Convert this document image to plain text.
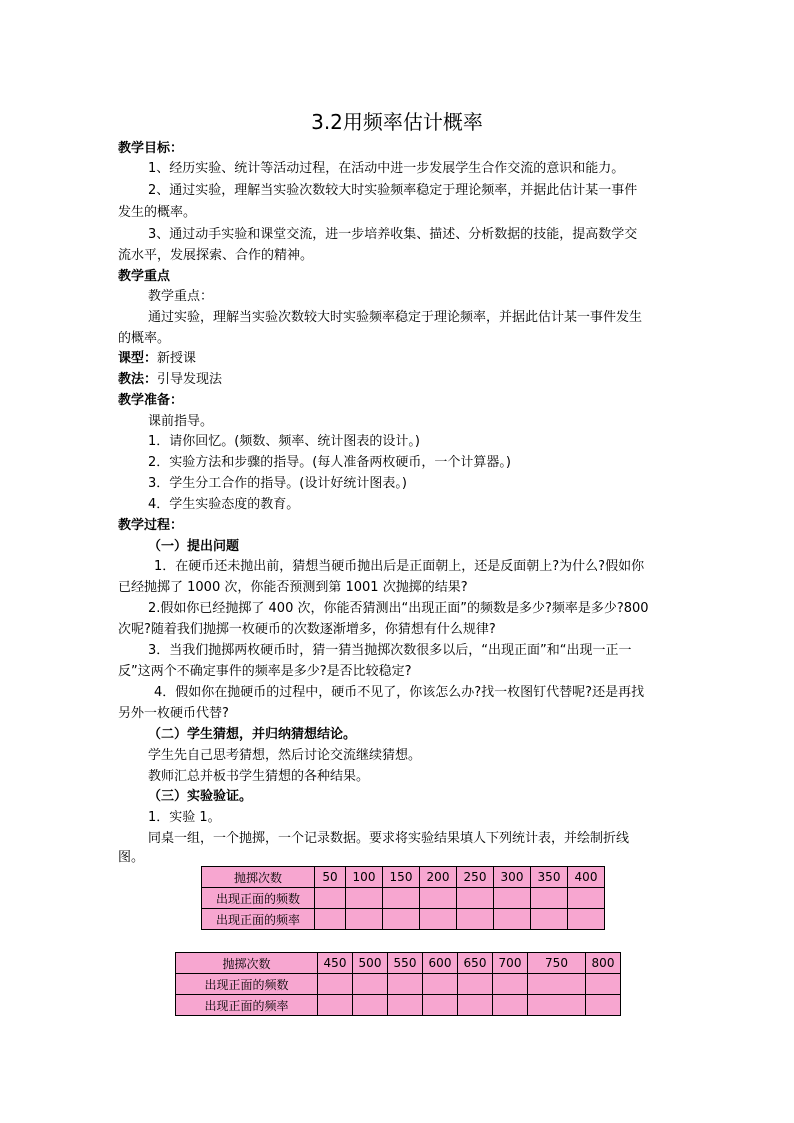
3.2用频率估计概率
教学目标：
1、经历实验、统计等活动过程，在活动中进一步发展学生合作交流的意识和能力。
2、通过实验，理解当实验次数较大时实验频率稳定于理论频率，并据此估计某一事件
发生的概率。
3、通过动手实验和课堂交流，进一步培养收集、描述、分析数据的技能，提高数学交
流水平，发展探索、合作的精神。
教学重点
教学重点：
通过实验，理解当实验次数较大时实验频率稳定于理论频率，并据此估计某一事件发生
的概率。
课型：新授课
教法：引导发现法
教学准备：
课前指导。
1．请你回忆。(频数、频率、统计图表的设计。)
2．实验方法和步骤的指导。(每人准备两枚硬币，一个计算器。)
3．学生分工合作的指导。(设计好统计图表。)
4．学生实验态度的教育。
教学过程：
（一）提出问题
1．在硬币还未抛出前，猜想当硬币抛出后是正面朝上，还是反面朝上?为什么?假如你
已经抛掷了 1000 次，你能否预测到第 1001 次抛掷的结果?
2.假如你已经抛掷了 400 次，你能否猜测出“出现正面”的频数是多少?频率是多少?800
次呢?随着我们抛掷一枚硬币的次数逐渐增多，你猜想有什么规律?
3．当我们抛掷两枚硬币时，猜一猜当抛掷次数很多以后，“出现正面”和“出现一正一
反”这两个不确定事件的频率是多少?是否比较稳定?
4．假如你在抛硬币的过程中，硬币不见了，你该怎么办?找一枚图钉代替呢?还是再找
另外一枚硬币代替?
（二）学生猜想，并归纳猜想结论。
学生先自己思考猜想，然后讨论交流继续猜想。
教师汇总并板书学生猜想的各种结果。
（三）实验验证。
1．实验 1。
同桌一组，一个抛掷，一个记录数据。要求将实验结果填人下列统计表，并绘制折线
图。
抛掷次数	50	100	150	200	250	300	350	400
出现正面的频数								
出现正面的频率								
抛掷次数	450	500	550	600	650	700	750	800
出现正面的频数								
出现正面的频率								
